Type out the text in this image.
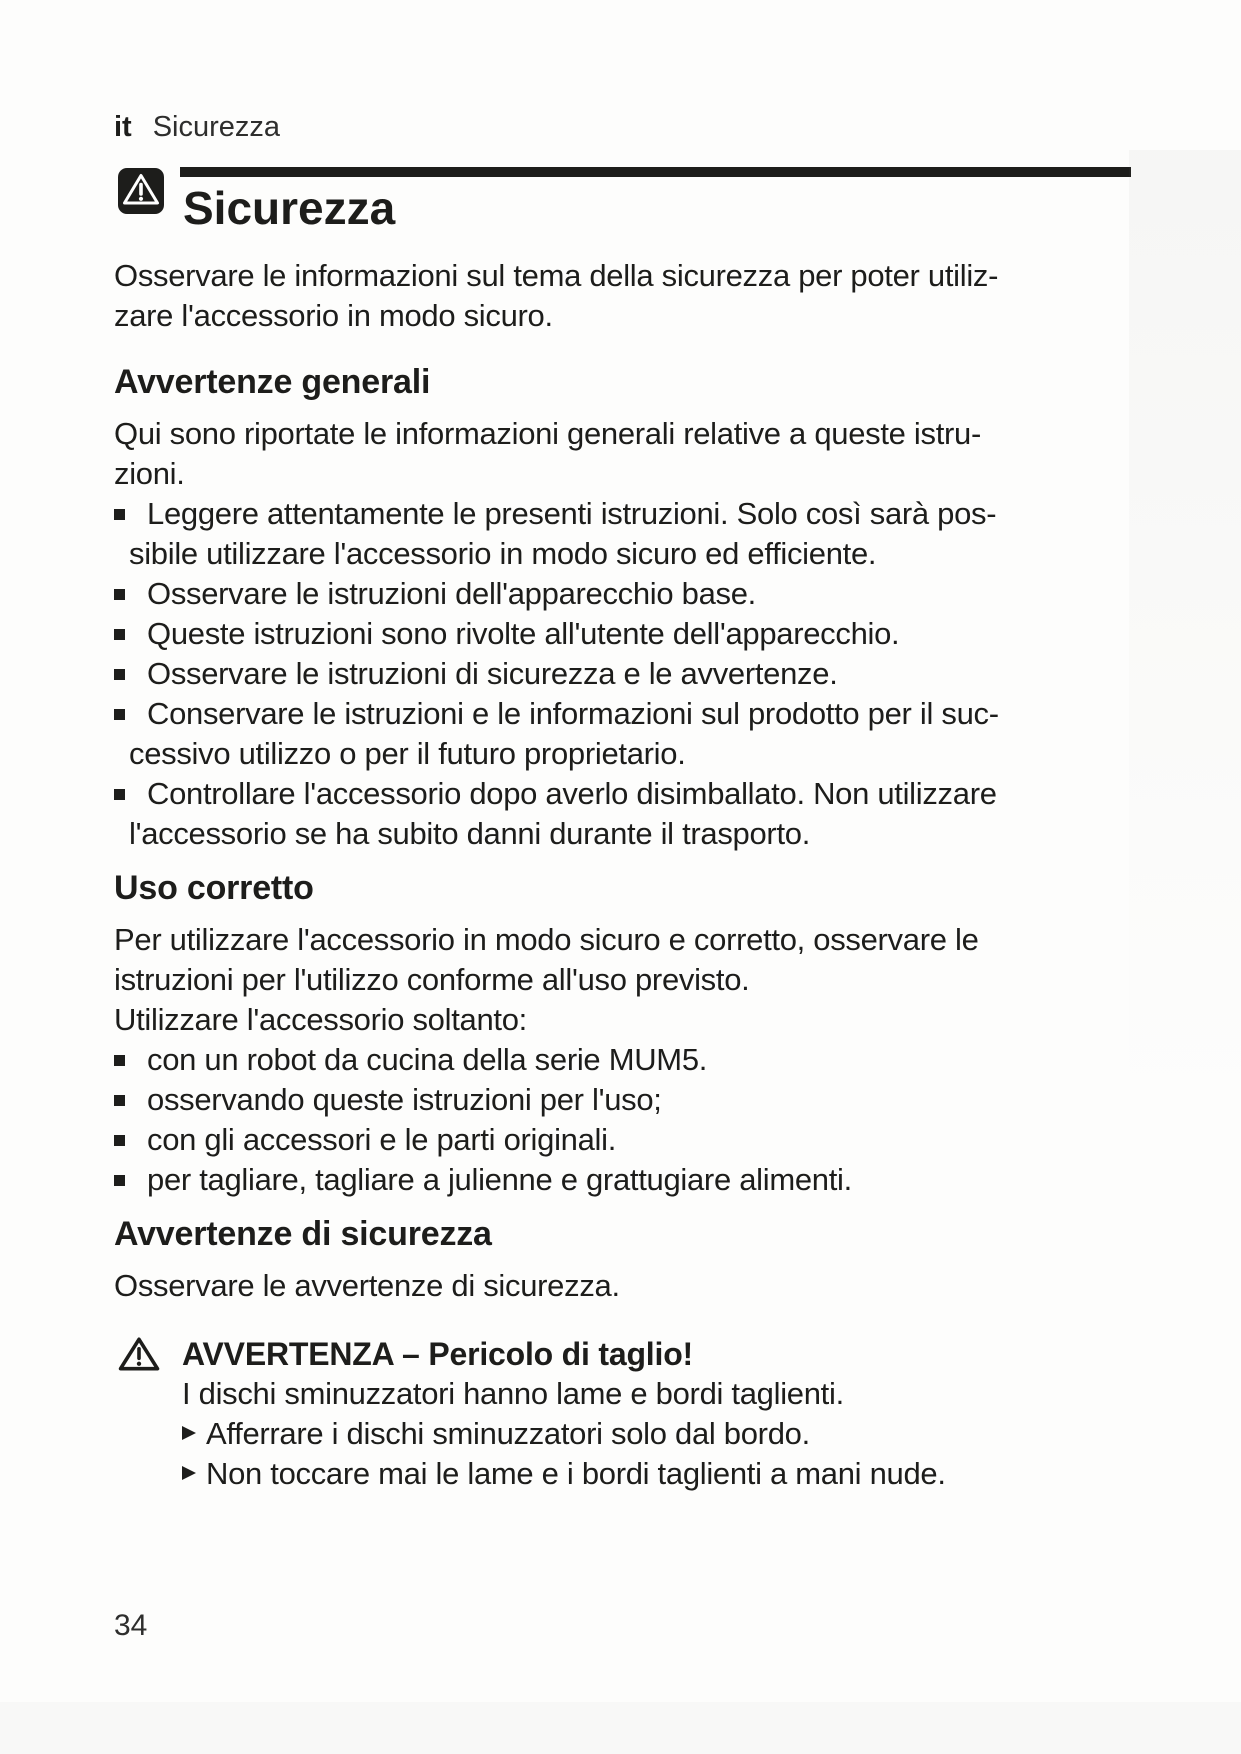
it Sicurezza
Sicurezza
Osservare le informazioni sul tema della sicurezza per poter utiliz-
zare l'accessorio in modo sicuro.
Avvertenze generali
Qui sono riportate le informazioni generali relative a queste istru-
zioni.
Leggere attentamente le presenti istruzioni. Solo così sarà pos-
sibile utilizzare l'accessorio in modo sicuro ed efficiente.
Osservare le istruzioni dell'apparecchio base.
Queste istruzioni sono rivolte all'utente dell'apparecchio.
Osservare le istruzioni di sicurezza e le avvertenze.
Conservare le istruzioni e le informazioni sul prodotto per il suc-
cessivo utilizzo o per il futuro proprietario.
Controllare l'accessorio dopo averlo disimballato. Non utilizzare
l'accessorio se ha subito danni durante il trasporto.
Uso corretto
Per utilizzare l'accessorio in modo sicuro e corretto, osservare le
istruzioni per l'utilizzo conforme all'uso previsto.
Utilizzare l'accessorio soltanto:
con un robot da cucina della serie MUM5.
osservando queste istruzioni per l'uso;
con gli accessori e le parti originali.
per tagliare, tagliare a julienne e grattugiare alimenti.
Avvertenze di sicurezza
Osservare le avvertenze di sicurezza.
AVVERTENZA – Pericolo di taglio!
I dischi sminuzzatori hanno lame e bordi taglienti.
Afferrare i dischi sminuzzatori solo dal bordo.
Non toccare mai le lame e i bordi taglienti a mani nude.
34
